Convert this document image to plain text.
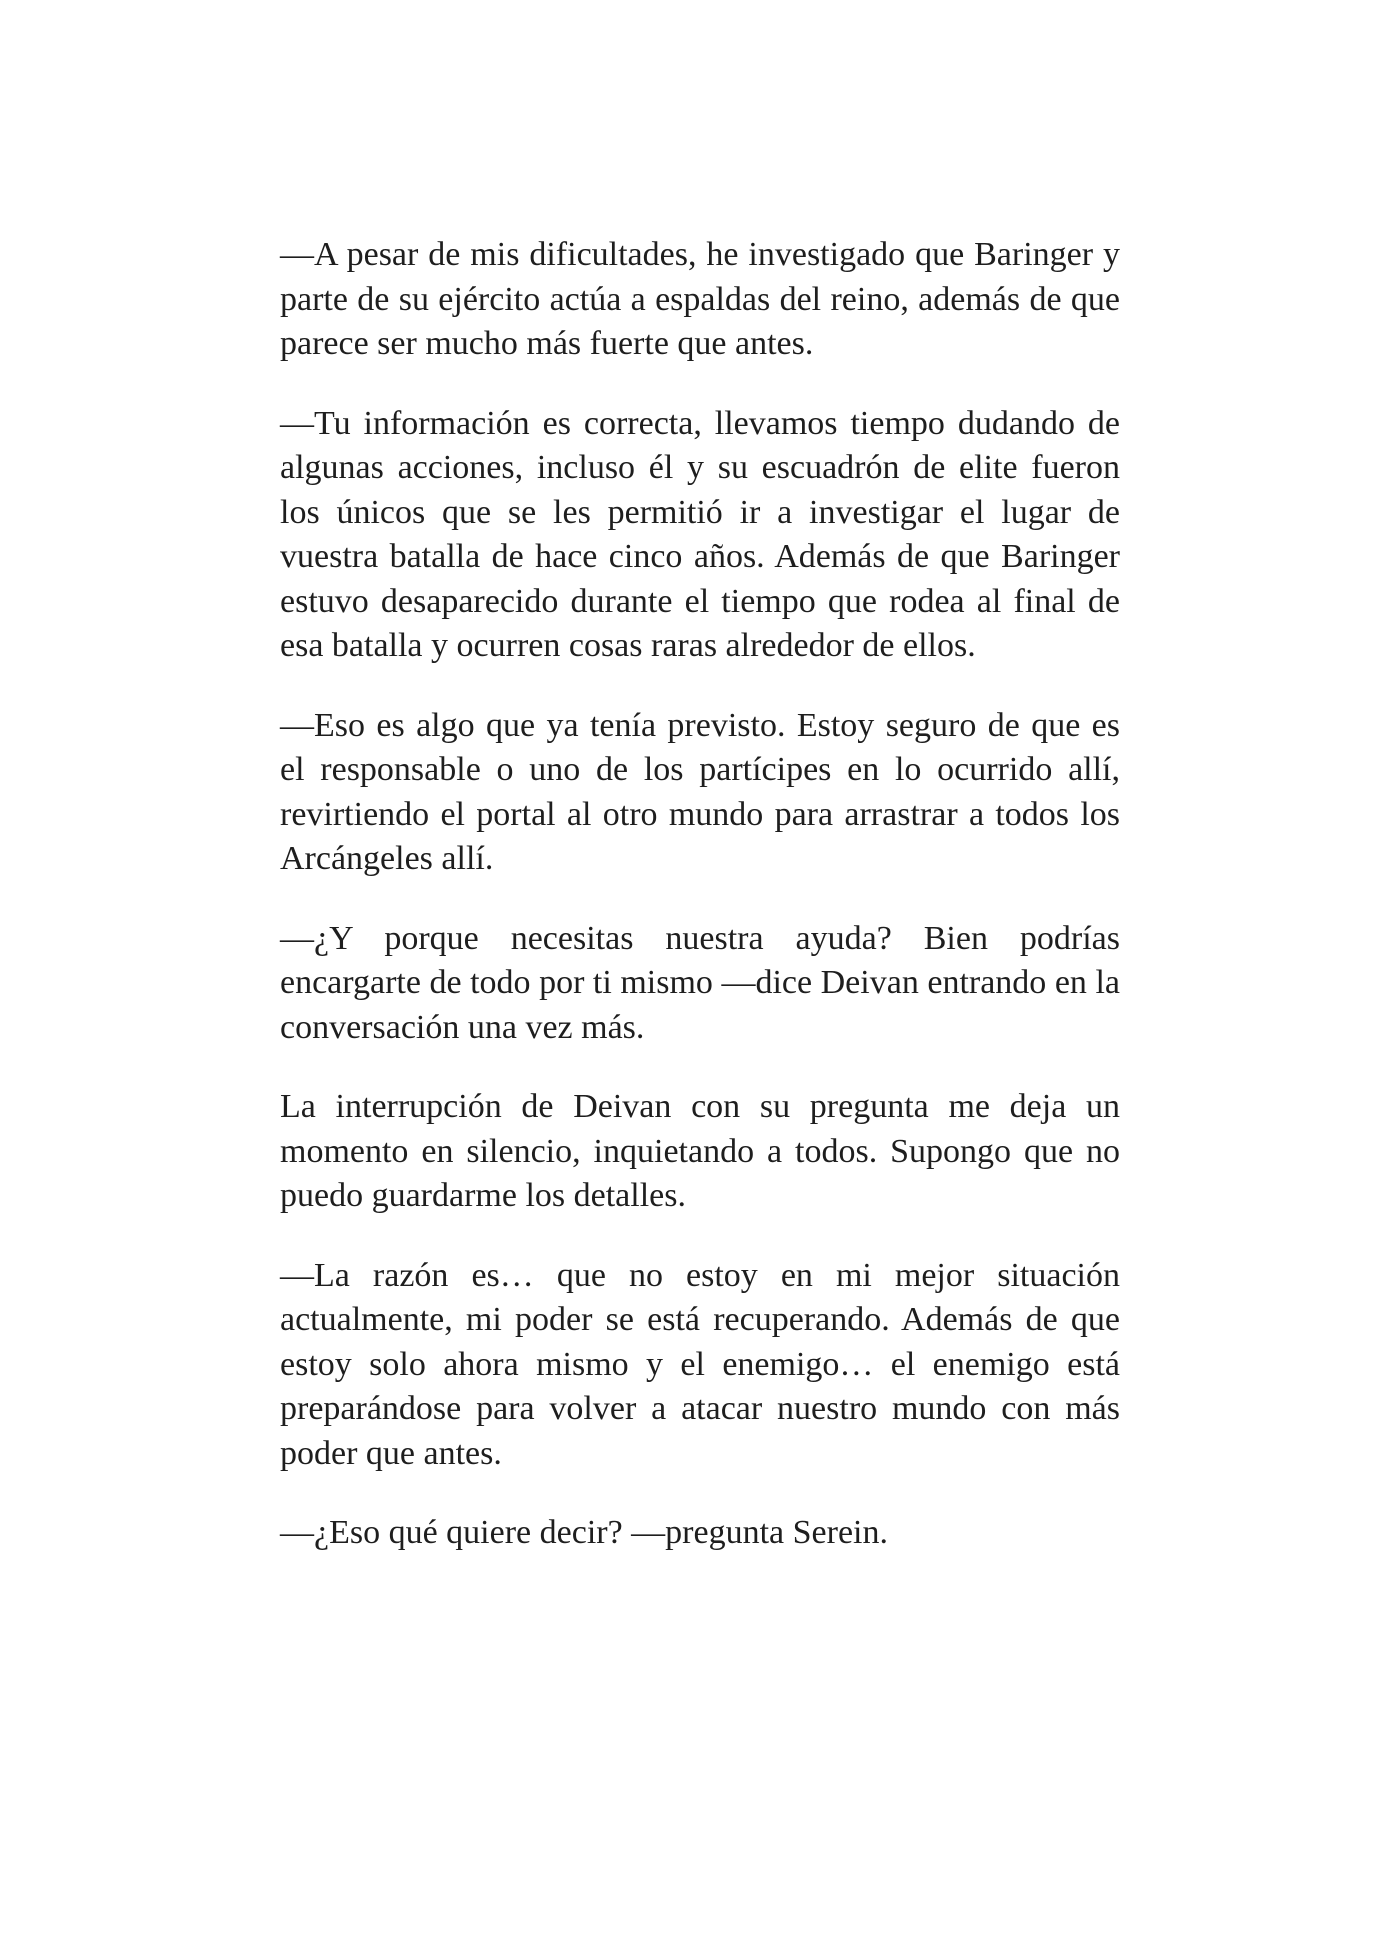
—A pesar de mis dificultades, he investigado que Baringer y parte de su ejército actúa a espaldas del reino, además de que parece ser mucho más fuerte que antes.

—Tu información es correcta, llevamos tiempo dudando de algunas acciones, incluso él y su escuadrón de elite fueron los únicos que se les permitió ir a investigar el lugar de vuestra batalla de hace cinco años. Además de que Baringer estuvo desaparecido durante el tiempo que rodea al final de esa batalla y ocurren cosas raras alrededor de ellos.

—Eso es algo que ya tenía previsto. Estoy seguro de que es el responsable o uno de los partícipes en lo ocurrido allí, revirtiendo el portal al otro mundo para arrastrar a todos los Arcángeles allí.

—¿Y porque necesitas nuestra ayuda? Bien podrías encargarte de todo por ti mismo —dice Deivan entrando en la conversación una vez más.

La interrupción de Deivan con su pregunta me deja un momento en silencio, inquietando a todos. Supongo que no puedo guardarme los detalles.

—La razón es… que no estoy en mi mejor situación actualmente, mi poder se está recuperando. Además de que estoy solo ahora mismo y el enemigo… el enemigo está preparándose para volver a atacar nuestro mundo con más poder que antes.

—¿Eso qué quiere decir? —pregunta Serein.
